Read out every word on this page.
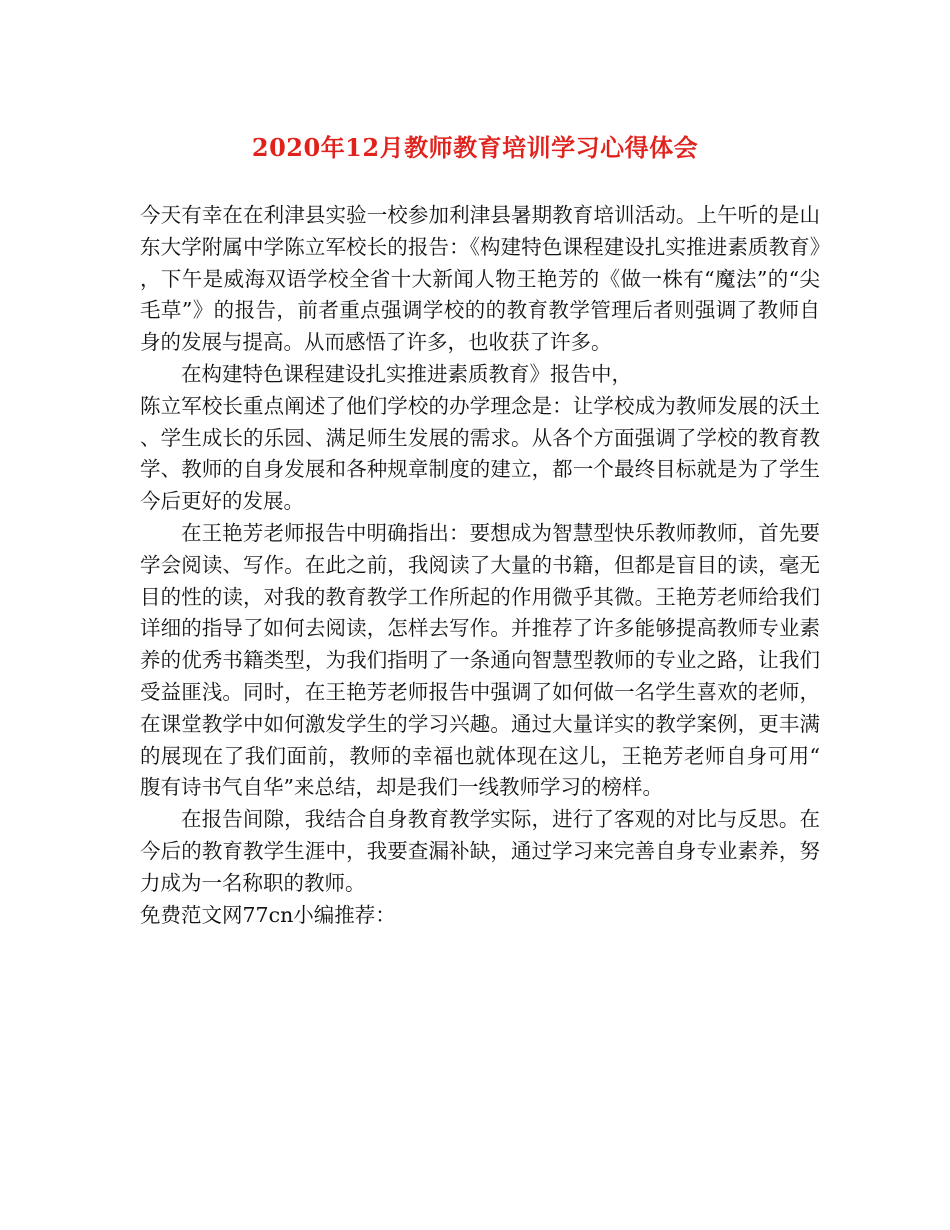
2020年12月教师教育培训学习心得体会

今天有幸在在利津县实验一校参加利津县暑期教育培训活动。上午听的是山东大学附属中学陈立军校长的报告：《构建特色课程建设扎实推进素质教育》，下午是威海双语学校全省十大新闻人物王艳芳的《做一株有“魔法”的“尖毛草”》的报告，前者重点强调学校的的教育教学管理后者则强调了教师自身的发展与提高。从而感悟了许多，也收获了许多。

在构建特色课程建设扎实推进素质教育》报告中，

陈立军校长重点阐述了他们学校的办学理念是：让学校成为教师发展的沃土、学生成长的乐园、满足师生发展的需求。从各个方面强调了学校的教育教学、教师的自身发展和各种规章制度的建立，都一个最终目标就是为了学生今后更好的发展。

在王艳芳老师报告中明确指出：要想成为智慧型快乐教师教师，首先要学会阅读、写作。在此之前，我阅读了大量的书籍，但都是盲目的读，毫无目的性的读，对我的教育教学工作所起的作用微乎其微。王艳芳老师给我们详细的指导了如何去阅读，怎样去写作。并推荐了许多能够提高教师专业素养的优秀书籍类型，为我们指明了一条通向智慧型教师的专业之路，让我们受益匪浅。同时，在王艳芳老师报告中强调了如何做一名学生喜欢的老师，在课堂教学中如何激发学生的学习兴趣。通过大量详实的教学案例，更丰满的展现在了我们面前，教师的幸福也就体现在这儿，王艳芳老师自身可用“腹有诗书气自华”来总结，却是我们一线教师学习的榜样。

在报告间隙，我结合自身教育教学实际，进行了客观的对比与反思。在今后的教育教学生涯中，我要查漏补缺，通过学习来完善自身专业素养，努力成为一名称职的教师。

免费范文网77cn小编推荐：
